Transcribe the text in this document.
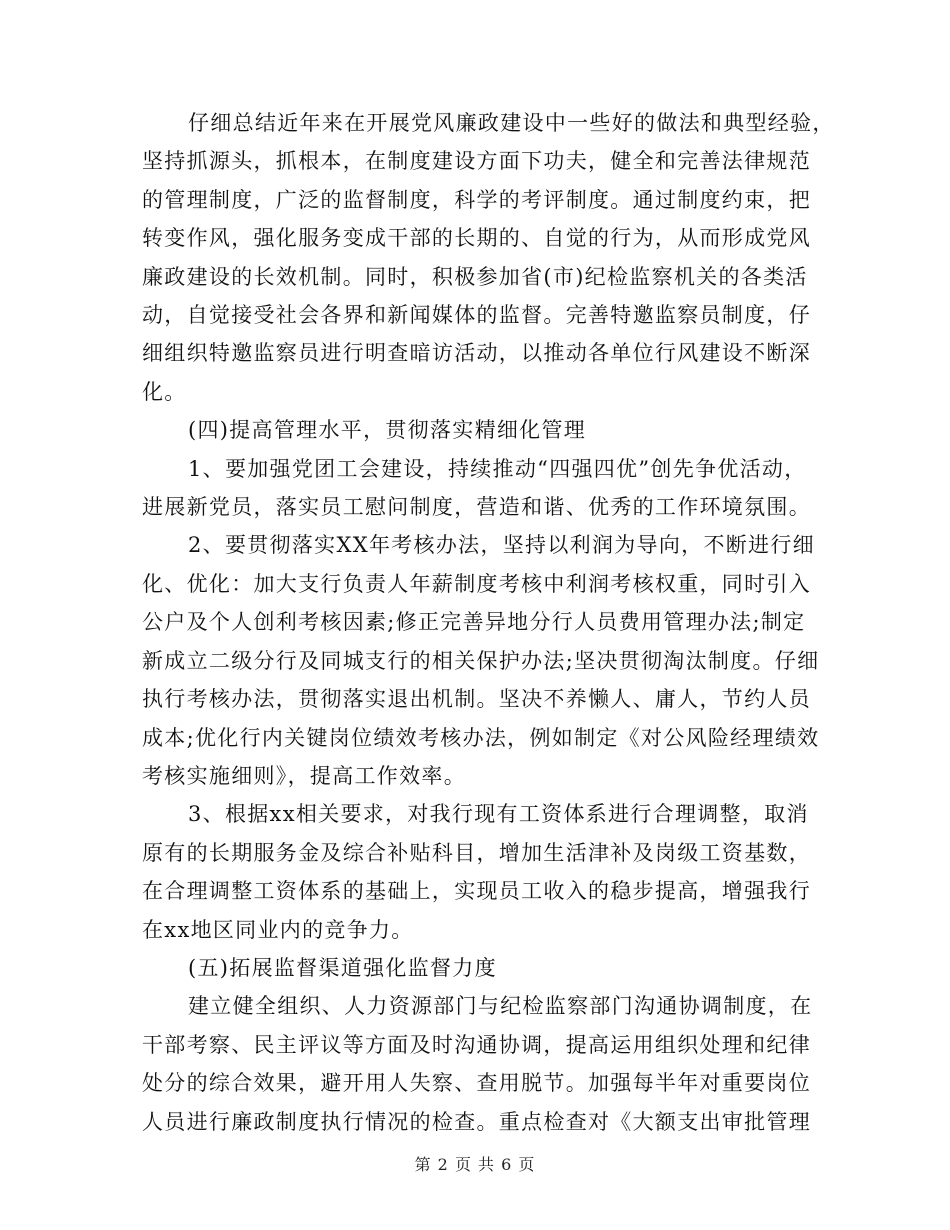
仔细总结近年来在开展党风廉政建设中一些好的做法和典型经验，
坚持抓源头，抓根本，在制度建设方面下功夫，健全和完善法律规范
的管理制度，广泛的监督制度，科学的考评制度。通过制度约束，把
转变作风，强化服务变成干部的长期的、自觉的行为，从而形成党风
廉政建设的长效机制。同时，积极参加省(市)纪检监察机关的各类活
动，自觉接受社会各界和新闻媒体的监督。完善特邀监察员制度，仔
细组织特邀监察员进行明查暗访活动，以推动各单位行风建设不断深
化。

(四)提高管理水平，贯彻落实精细化管理

1、要加强党团工会建设，持续推动“四强四优”创先争优活动，
进展新党员，落实员工慰问制度，营造和谐、优秀的工作环境氛围。

2、要贯彻落实XX年考核办法，坚持以利润为导向，不断进行细
化、优化：加大支行负责人年薪制度考核中利润考核权重，同时引入
公户及个人创利考核因素;修正完善异地分行人员费用管理办法;制定
新成立二级分行及同城支行的相关保护办法;坚决贯彻淘汰制度。仔细
执行考核办法，贯彻落实退出机制。坚决不养懒人、庸人，节约人员
成本;优化行内关键岗位绩效考核办法，例如制定《对公风险经理绩效
考核实施细则》，提高工作效率。

3、根据xx相关要求，对我行现有工资体系进行合理调整，取消
原有的长期服务金及综合补贴科目，增加生活津补及岗级工资基数，
在合理调整工资体系的基础上，实现员工收入的稳步提高，增强我行
在xx地区同业内的竞争力。

(五)拓展监督渠道强化监督力度

建立健全组织、人力资源部门与纪检监察部门沟通协调制度，在
干部考察、民主评议等方面及时沟通协调，提高运用组织处理和纪律
处分的综合效果，避开用人失察、查用脱节。加强每半年对重要岗位
人员进行廉政制度执行情况的检查。重点检查对《大额支出审批管理

第 2 页 共 6 页
